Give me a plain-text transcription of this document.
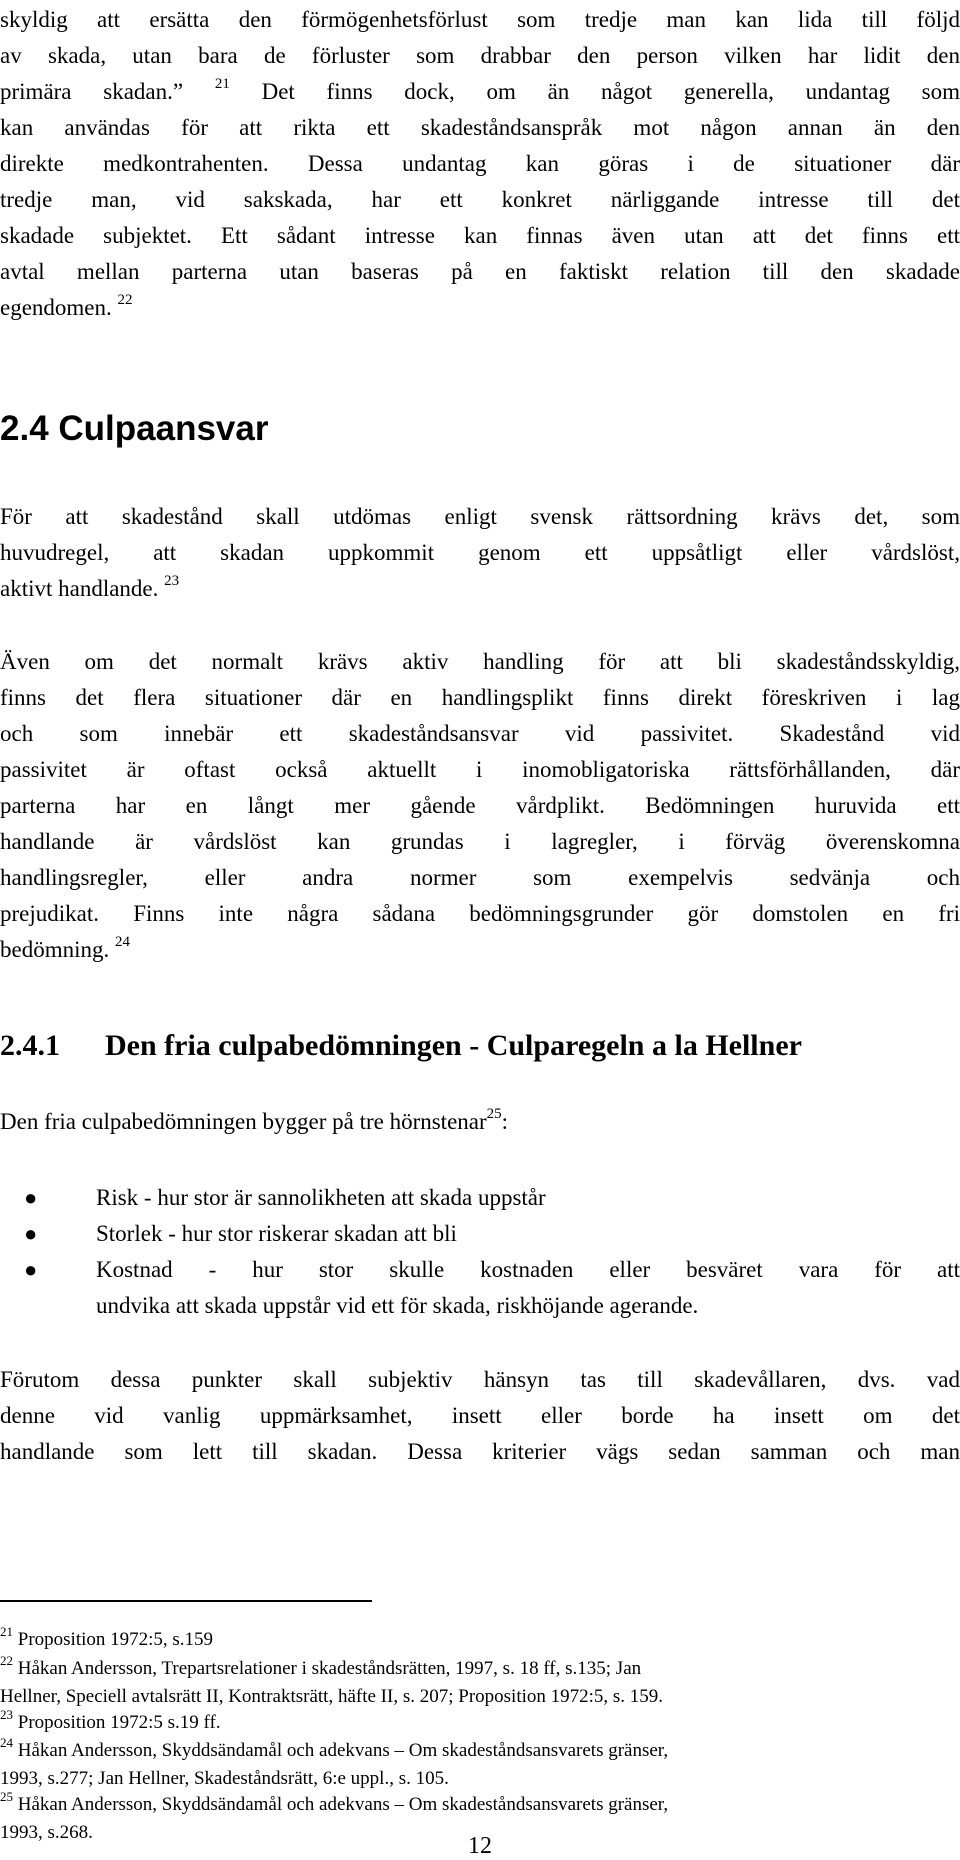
skyldig att ersätta den förmögenhetsförlust som tredje man kan lida till följd
av skada, utan bara de förluster som drabbar den person vilken har lidit den
primära skadan.” $^{21}$ Det finns dock, om än något generella, undantag som
kan användas för att rikta ett skadeståndsanspråk mot någon annan än den
direkte medkontrahenten. Dessa undantag kan göras i de situationer där
tredje man, vid sakskada, har ett konkret närliggande intresse till det
skadade subjektet. Ett sådant intresse kan finnas även utan att det finns ett
avtal mellan parterna utan baseras på en faktiskt relation till den skadade
egendomen. $^{22}$
2.4 Culpaansvar
För att skadestånd skall utdömas enligt svensk rättsordning krävs det, som
huvudregel, att skadan uppkommit genom ett uppsåtligt eller vårdslöst,
aktivt handlande. $^{23}$
Även om det normalt krävs aktiv handling för att bli skadeståndsskyldig,
finns det flera situationer där en handlingsplikt finns direkt föreskriven i lag
och som innebär ett skadeståndsansvar vid passivitet. Skadestånd vid
passivitet är oftast också aktuellt i inomobligatoriska rättsförhållanden, där
parterna har en långt mer gående vårdplikt. Bedömningen huruvida ett
handlande är vårdslöst kan grundas i lagregler, i förväg överenskomna
handlingsregler, eller andra normer som exempelvis sedvänja och
prejudikat. Finns inte några sådana bedömningsgrunder gör domstolen en fri
bedömning. $^{24}$
2.4.1 Den fria culpabedömningen - Culparegeln a la Hellner
Den fria culpabedömningen bygger på tre hörnstenar$^{25}$:
●	Risk - hur stor är sannolikheten att skada uppstår
●	Storlek - hur stor riskerar skadan att bli
●	Kostnad - hur stor skulle kostnaden eller besväret vara för att
undvika att skada uppstår vid ett för skada, riskhöjande agerande.
Förutom dessa punkter skall subjektiv hänsyn tas till skadevållaren, dvs. vad
denne vid vanlig uppmärksamhet, insett eller borde ha insett om det
handlande som lett till skadan. Dessa kriterier vägs sedan samman och man
$^{21}$ Proposition 1972:5, s.159
$^{22}$ Håkan Andersson, Trepartsrelationer i skadeståndsrätten, 1997, s. 18 ff, s.135; Jan
Hellner, Speciell avtalsrätt II, Kontraktsrätt, häfte II, s. 207; Proposition 1972:5, s. 159.
$^{23}$ Proposition 1972:5 s.19 ff.
$^{24}$ Håkan Andersson, Skyddsändamål och adekvans – Om skadeståndsansvarets gränser,
1993, s.277; Jan Hellner, Skadeståndsrätt, 6:e uppl., s. 105.
$^{25}$ Håkan Andersson, Skyddsändamål och adekvans – Om skadeståndsansvarets gränser,
1993, s.268.
12
